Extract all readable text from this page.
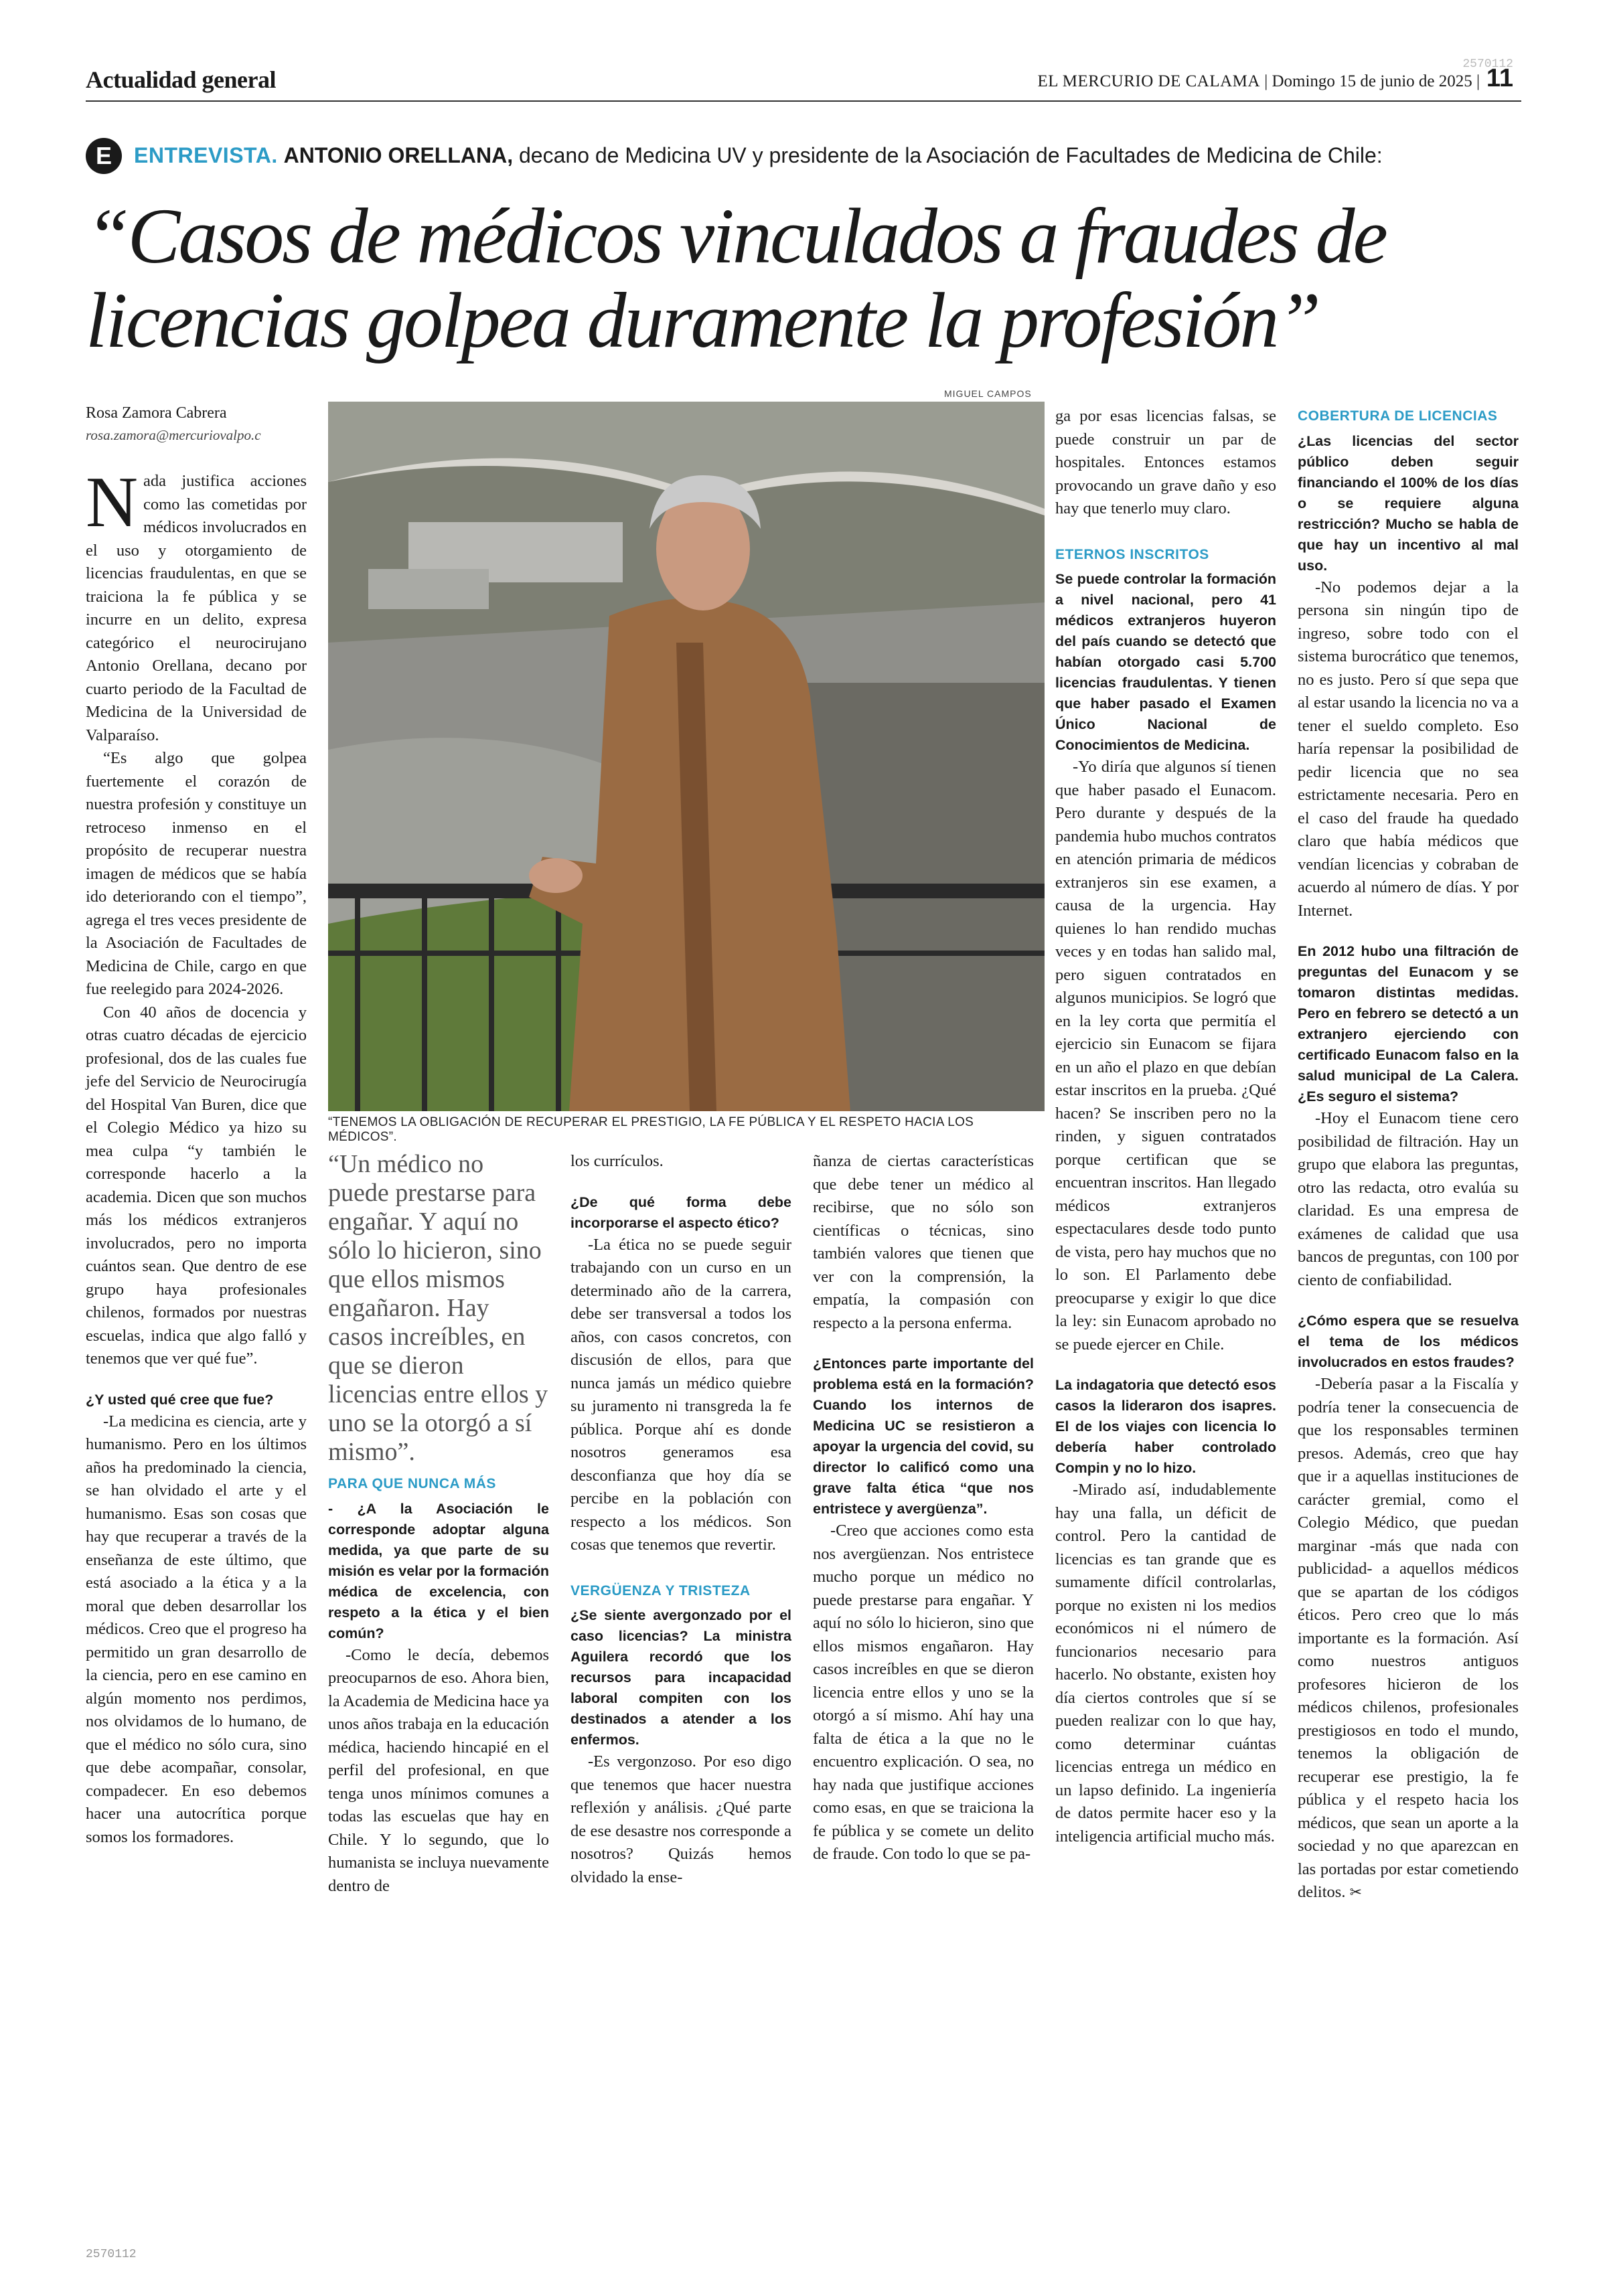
Actualidad general
2570112
EL MERCURIO DE CALAMA | Domingo 15 de junio de 2025 | 11
E	ENTREVISTA. ANTONIO ORELLANA, decano de Medicina UV y presidente de la Asociación de Facultades de Medicina de Chile:
“Casos de médicos vinculados a fraudes de licencias golpea duramente la profesión”
Rosa Zamora Cabrera
rosa.zamora@mercuriovalpo.c
MIGUEL CAMPOS
“TENEMOS LA OBLIGACIÓN DE RECUPERAR EL PRESTIGIO, LA FE PÚBLICA Y EL RESPETO HACIA LOS MÉDICOS”.

Nada justifica acciones como las cometidas por médicos involucrados en el uso y otorgamiento de licencias fraudulentas, en que se traiciona la fe pública y se incurre en un delito, expresa categórico el neurocirujano Antonio Orellana, decano por cuarto periodo de la Facultad de Medicina de la Universidad de Valparaíso.

“Es algo que golpea fuertemente el corazón de nuestra profesión y constituye un retroceso inmenso en el propósito de recuperar nuestra imagen de médicos que se había ido deteriorando con el tiempo”, agrega el tres veces presidente de la Asociación de Facultades de Medicina de Chile, cargo en que fue reelegido para 2024-2026.

Con 40 años de docencia y otras cuatro décadas de ejercicio profesional, dos de las cuales fue jefe del Servicio de Neurocirugía del Hospital Van Buren, dice que el Colegio Médico ya hizo su mea culpa “y también le corresponde hacerlo a la academia. Dicen que son muchos más los médicos extranjeros involucrados, pero no importa cuántos sean. Que dentro de ese grupo haya profesionales chilenos, formados por nuestras escuelas, indica que algo falló y tenemos que ver qué fue”.

¿Y usted qué cree que fue?

-La medicina es ciencia, arte y humanismo. Pero en los últimos años ha predominado la ciencia, se han olvidado el arte y el humanismo. Esas son cosas que hay que recuperar a través de la enseñanza de este último, que está asociado a la ética y a la moral que deben desarrollar los médicos. Creo que el progreso ha permitido un gran desarrollo de la ciencia, pero en ese camino en algún momento nos perdimos, nos olvidamos de lo humano, de que el médico no sólo cura, sino que debe acompañar, consolar, compadecer. En eso debemos hacer una autocrítica porque somos los formadores.

“Un médico no puede prestarse para engañar. Y aquí no sólo lo hicieron, sino que ellos mismos engañaron. Hay casos increíbles, en que se dieron licencias entre ellos y uno se la otorgó a sí mismo”.

PARA QUE NUNCA MÁS

- ¿A la Asociación le corresponde adoptar alguna medida, ya que parte de su misión es velar por la formación médica de excelencia, con respeto a la ética y el bien común?

-Como le decía, debemos preocuparnos de eso. Ahora bien, la Academia de Medicina hace ya unos años trabaja en la educación médica, haciendo hincapié en el perfil del profesional, en que tenga unos mínimos comunes a todas las escuelas que hay en Chile. Y lo segundo, que lo humanista se incluya nuevamente dentro de

los currículos.

¿De qué forma debe incorporarse el aspecto ético?

-La ética no se puede seguir trabajando con un curso en un determinado año de la carrera, debe ser transversal a todos los años, con casos concretos, con discusión de ellos, para que nunca jamás un médico quiebre su juramento ni transgreda la fe pública. Porque ahí es donde nosotros generamos esa desconfianza que hoy día se percibe en la población con respecto a los médicos. Son cosas que tenemos que revertir.

VERGÜENZA Y TRISTEZA

¿Se siente avergonzado por el caso licencias? La ministra Aguilera recordó que los recursos para incapacidad laboral compiten con los destinados a atender a los enfermos.

-Es vergonzoso. Por eso digo que tenemos que hacer nuestra reflexión y análisis. ¿Qué parte de ese desastre nos corresponde a nosotros? Quizás hemos olvidado la ense-

ñanza de ciertas características que debe tener un médico al recibirse, que no sólo son científicas o técnicas, sino también valores que tienen que ver con la comprensión, la empatía, la compasión con respecto a la persona enferma.

¿Entonces parte importante del problema está en la formación? Cuando los internos de Medicina UC se resistieron a apoyar la urgencia del covid, su director lo calificó como una grave falta ética “que nos entristece y avergüenza”.

-Creo que acciones como esta nos avergüenzan. Nos entristece mucho porque un médico no puede prestarse para engañar. Y aquí no sólo lo hicieron, sino que ellos mismos engañaron. Hay casos increíbles en que se dieron licencia entre ellos y uno se la otorgó a sí mismo. Ahí hay una falta de ética a la que no le encuentro explicación. O sea, no hay nada que justifique acciones como esas, en que se traiciona la fe pública y se comete un delito de fraude. Con todo lo que se pa-

ga por esas licencias falsas, se puede construir un par de hospitales. Entonces estamos provocando un grave daño y eso hay que tenerlo muy claro.

ETERNOS INSCRITOS

Se puede controlar la formación a nivel nacional, pero 41 médicos extranjeros huyeron del país cuando se detectó que habían otorgado casi 5.700 licencias fraudulentas. Y tienen que haber pasado el Examen Único Nacional de Conocimientos de Medicina.

-Yo diría que algunos sí tienen que haber pasado el Eunacom. Pero durante y después de la pandemia hubo muchos contratos en atención primaria de médicos extranjeros sin ese examen, a causa de la urgencia. Hay quienes lo han rendido muchas veces y en todas han salido mal, pero siguen contratados en algunos municipios. Se logró que en la ley corta que permitía el ejercicio sin Eunacom se fijara en un año el plazo en que debían estar inscritos en la prueba. ¿Qué hacen? Se inscriben pero no la rinden, y siguen contratados porque certifican que se encuentran inscritos. Han llegado médicos extranjeros espectaculares desde todo punto de vista, pero hay muchos que no lo son. El Parlamento debe preocuparse y exigir lo que dice la ley: sin Eunacom aprobado no se puede ejercer en Chile.

La indagatoria que detectó esos casos la lideraron dos isapres. El de los viajes con licencia lo debería haber controlado Compin y no lo hizo.

-Mirado así, indudablemente hay una falla, un déficit de control. Pero la cantidad de licencias es tan grande que es sumamente difícil controlarlas, porque no existen ni los medios económicos ni el número de funcionarios necesario para hacerlo. No obstante, existen hoy día ciertos controles que sí se pueden realizar con lo que hay, como determinar cuántas licencias entrega un médico en un lapso definido. La ingeniería de datos permite hacer eso y la inteligencia artificial mucho más.

COBERTURA DE LICENCIAS

¿Las licencias del sector público deben seguir financiando el 100% de los días o se requiere alguna restricción? Mucho se habla de que hay un incentivo al mal uso.

-No podemos dejar a la persona sin ningún tipo de ingreso, sobre todo con el sistema burocrático que tenemos, no es justo. Pero sí que sepa que al estar usando la licencia no va a tener el sueldo completo. Eso haría repensar la posibilidad de pedir licencia que no sea estrictamente necesaria. Pero en el caso del fraude ha quedado claro que había médicos que vendían licencias y cobraban de acuerdo al número de días. Y por Internet.

En 2012 hubo una filtración de preguntas del Eunacom y se tomaron distintas medidas. Pero en febrero se detectó a un extranjero ejerciendo con certificado Eunacom falso en la salud municipal de La Calera. ¿Es seguro el sistema?

-Hoy el Eunacom tiene cero posibilidad de filtración. Hay un grupo que elabora las preguntas, otro las redacta, otro evalúa su claridad. Es una empresa de exámenes de calidad que usa bancos de preguntas, con 100 por ciento de confiabilidad.

¿Cómo espera que se resuelva el tema de los médicos involucrados en estos fraudes?

-Debería pasar a la Fiscalía y podría tener la consecuencia de que los responsables terminen presos. Además, creo que hay que ir a aquellas instituciones de carácter gremial, como el Colegio Médico, que puedan marginar -más que nada con publicidad- a aquellos médicos que se apartan de los códigos éticos. Pero creo que lo más importante es la formación. Así como nuestros antiguos profesores hicieron de los médicos chilenos, profesionales prestigiosos en todo el mundo, tenemos la obligación de recuperar ese prestigio, la fe pública y el respeto hacia los médicos, que sean un aporte a la sociedad y no que aparezcan en las portadas por estar cometiendo delitos. ✂

2570112
